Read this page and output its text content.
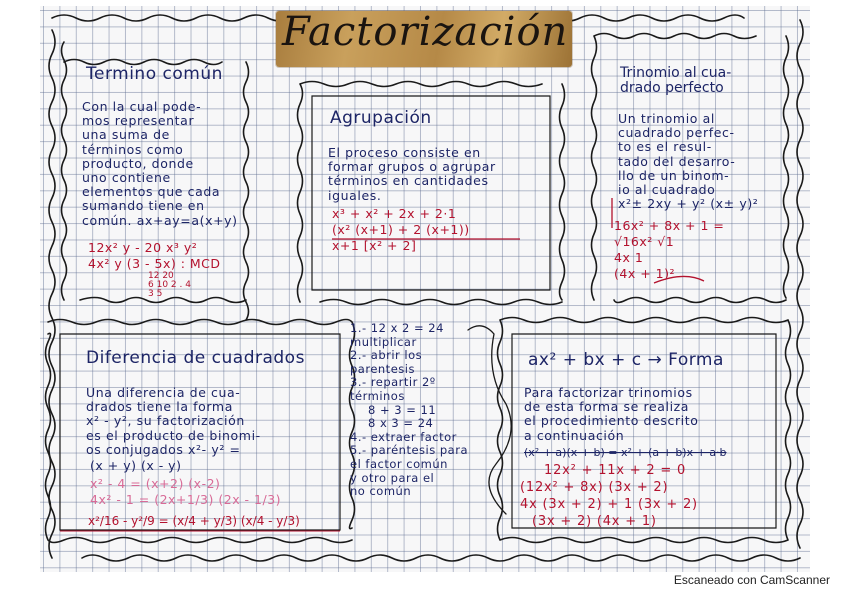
Factorización
Termino común
Con la cual pode-
mos representar
una suma de
términos como
producto, donde
uno contiene
elementos que cada
sumando tiene en
común. ax+ay=a(x+y)
12x² y - 20 x³ y²
4x² y (3 - 5x) : MCD
12 20
6 10 2 . 4
3 5
Agrupación
El proceso consiste en
formar grupos o agrupar
términos en cantidades
iguales.
x³ + x² + 2x + 2·1
(x² (x+1) + 2 (x+1))
x+1 [x² + 2]
Trinomio al cua-
drado perfecto
Un trinomio al
cuadrado perfec-
to es el resul-
tado del desarro-
llo de un binom-
io al cuadrado
x²± 2xy + y² (x± y)²
16x² + 8x + 1 =
√16x² √1
4x 1
(4x + 1)²
Diferencia de cuadrados
Una diferencia de cua-
drados tiene la forma
x² - y², su factorización
es el producto de binomi-
os conjugados x²- y² =
(x + y) (x - y)
x² - 4 = (x+2) (x-2)
4x² - 1 = (2x+1/3) (2x - 1/3)
x²/16 - y²/9 = (x/4 + y/3) (x/4 - y/3)
1.- 12 x 2 = 24
multiplicar
2.- abrir los
parentesis
3.- repartir 2º
términos
8 + 3 = 11
8 x 3 = 24
4.- extraer factor
5.- paréntesis para
el factor común
y otro para el
no común
ax² + bx + c → Forma
Para factorizar trinomios
de esta forma se realiza
el procedimiento descrito
a continuación
(x² + a)(x + b) = x² + (a + b)x + a·b
12x² + 11x + 2 = 0
(12x² + 8x) (3x + 2)
4x (3x + 2) + 1 (3x + 2)
(3x + 2) (4x + 1)
Escaneado con CamScanner
